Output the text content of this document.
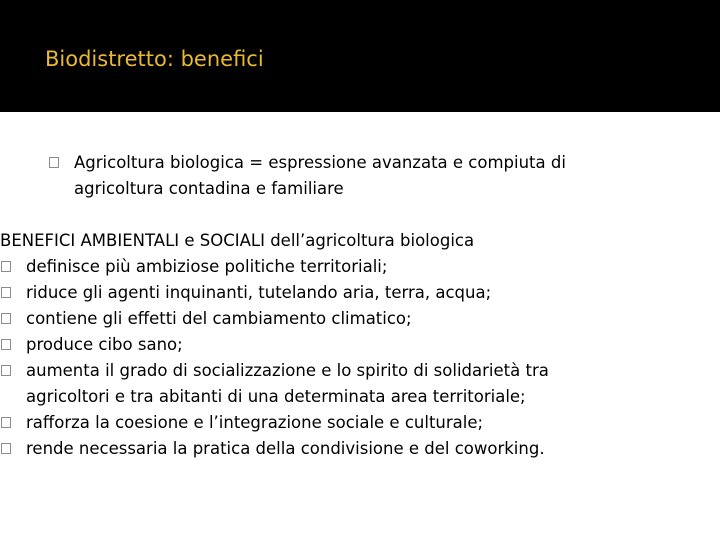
Biodistretto: benefici
Agricoltura biologica = espressione avanzata e compiuta di
agricoltura contadina e familiare
BENEFICI AMBIENTALI e SOCIALI dell’agricoltura biologica
definisce più ambiziose politiche territoriali;
riduce gli agenti inquinanti, tutelando aria, terra, acqua;
contiene gli effetti del cambiamento climatico;
produce cibo sano;
aumenta il grado di socializzazione e lo spirito di solidarietà tra
agricoltori e tra abitanti di una determinata area territoriale;
rafforza la coesione e l’integrazione sociale e culturale;
rende necessaria la pratica della condivisione e del coworking.
